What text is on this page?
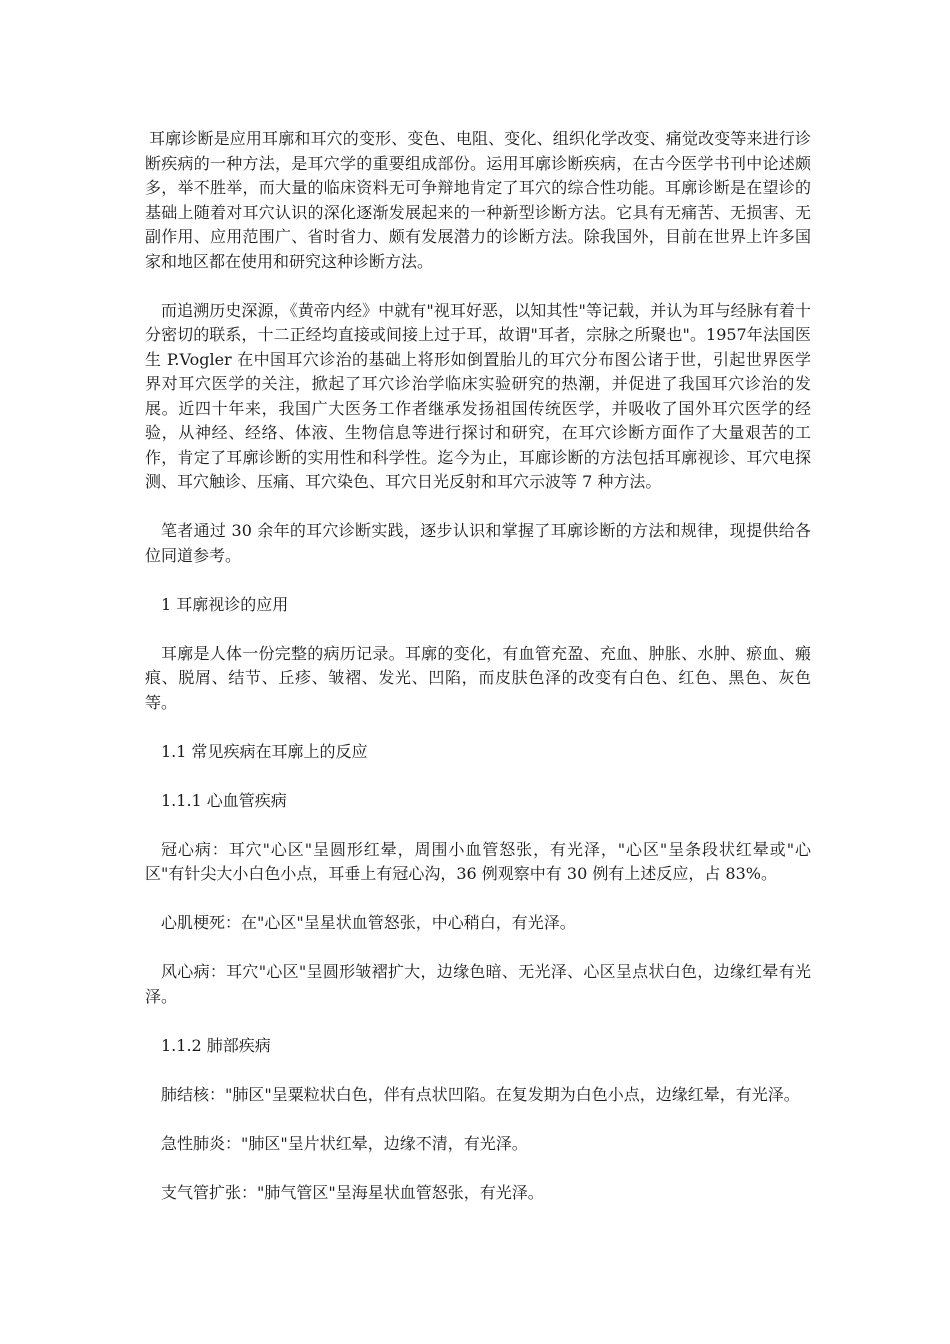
耳廓诊断是应用耳廓和耳穴的变形、变色、电阻、变化、组织化学改变、痛觉改变等来进行诊断疾病的一种方法，是耳穴学的重要组成部份。运用耳廓诊断疾病，在古今医学书刊中论述颇多，举不胜举，而大量的临床资料无可争辩地肯定了耳穴的综合性功能。耳廓诊断是在望诊的基础上随着对耳穴认识的深化逐渐发展起来的一种新型诊断方法。它具有无痛苦、无损害、无副作用、应用范围广、省时省力、颇有发展潜力的诊断方法。除我国外，目前在世界上许多国家和地区都在使用和研究这种诊断方法。

而追溯历史深源，《黄帝内经》中就有"视耳好恶，以知其性"等记载，并认为耳与经脉有着十分密切的联系，十二正经均直接或间接上过于耳，故谓"耳者，宗脉之所聚也"。1957年法国医生 P.Vogler 在中国耳穴诊治的基础上将形如倒置胎儿的耳穴分布图公诸于世，引起世界医学界对耳穴医学的关注，掀起了耳穴诊治学临床实验研究的热潮，并促进了我国耳穴诊治的发展。近四十年来，我国广大医务工作者继承发扬祖国传统医学，并吸收了国外耳穴医学的经验，从神经、经络、体液、生物信息等进行探讨和研究，在耳穴诊断方面作了大量艰苦的工作，肯定了耳廓诊断的实用性和科学性。迄今为止，耳廊诊断的方法包括耳廓视诊、耳穴电探测、耳穴触诊、压痛、耳穴染色、耳穴日光反射和耳穴示波等 7 种方法。

笔者通过 30 余年的耳穴诊断实践，逐步认识和掌握了耳廓诊断的方法和规律，现提供给各位同道参考。

1 耳廓视诊的应用

耳廓是人体一份完整的病历记录。耳廓的变化，有血管充盈、充血、肿胀、水肿、瘀血、瘢痕、脱屑、结节、丘疹、皱褶、发光、凹陷，而皮肤色泽的改变有白色、红色、黑色、灰色等。

1.1 常见疾病在耳廓上的反应

1.1.1 心血管疾病

冠心病：耳穴"心区"呈圆形红晕，周围小血管怒张，有光泽，"心区"呈条段状红晕或"心区"有针尖大小白色小点，耳垂上有冠心沟，36 例观察中有 30 例有上述反应，占 83%。

心肌梗死：在"心区"呈星状血管怒张，中心稍白，有光泽。

风心病：耳穴"心区"呈圆形皱褶扩大，边缘色暗、无光泽、心区呈点状白色，边缘红晕有光泽。

1.1.2 肺部疾病

肺结核："肺区"呈粟粒状白色，伴有点状凹陷。在复发期为白色小点，边缘红晕，有光泽。

急性肺炎："肺区"呈片状红晕，边缘不清，有光泽。

支气管扩张："肺气管区"呈海星状血管怒张，有光泽。
